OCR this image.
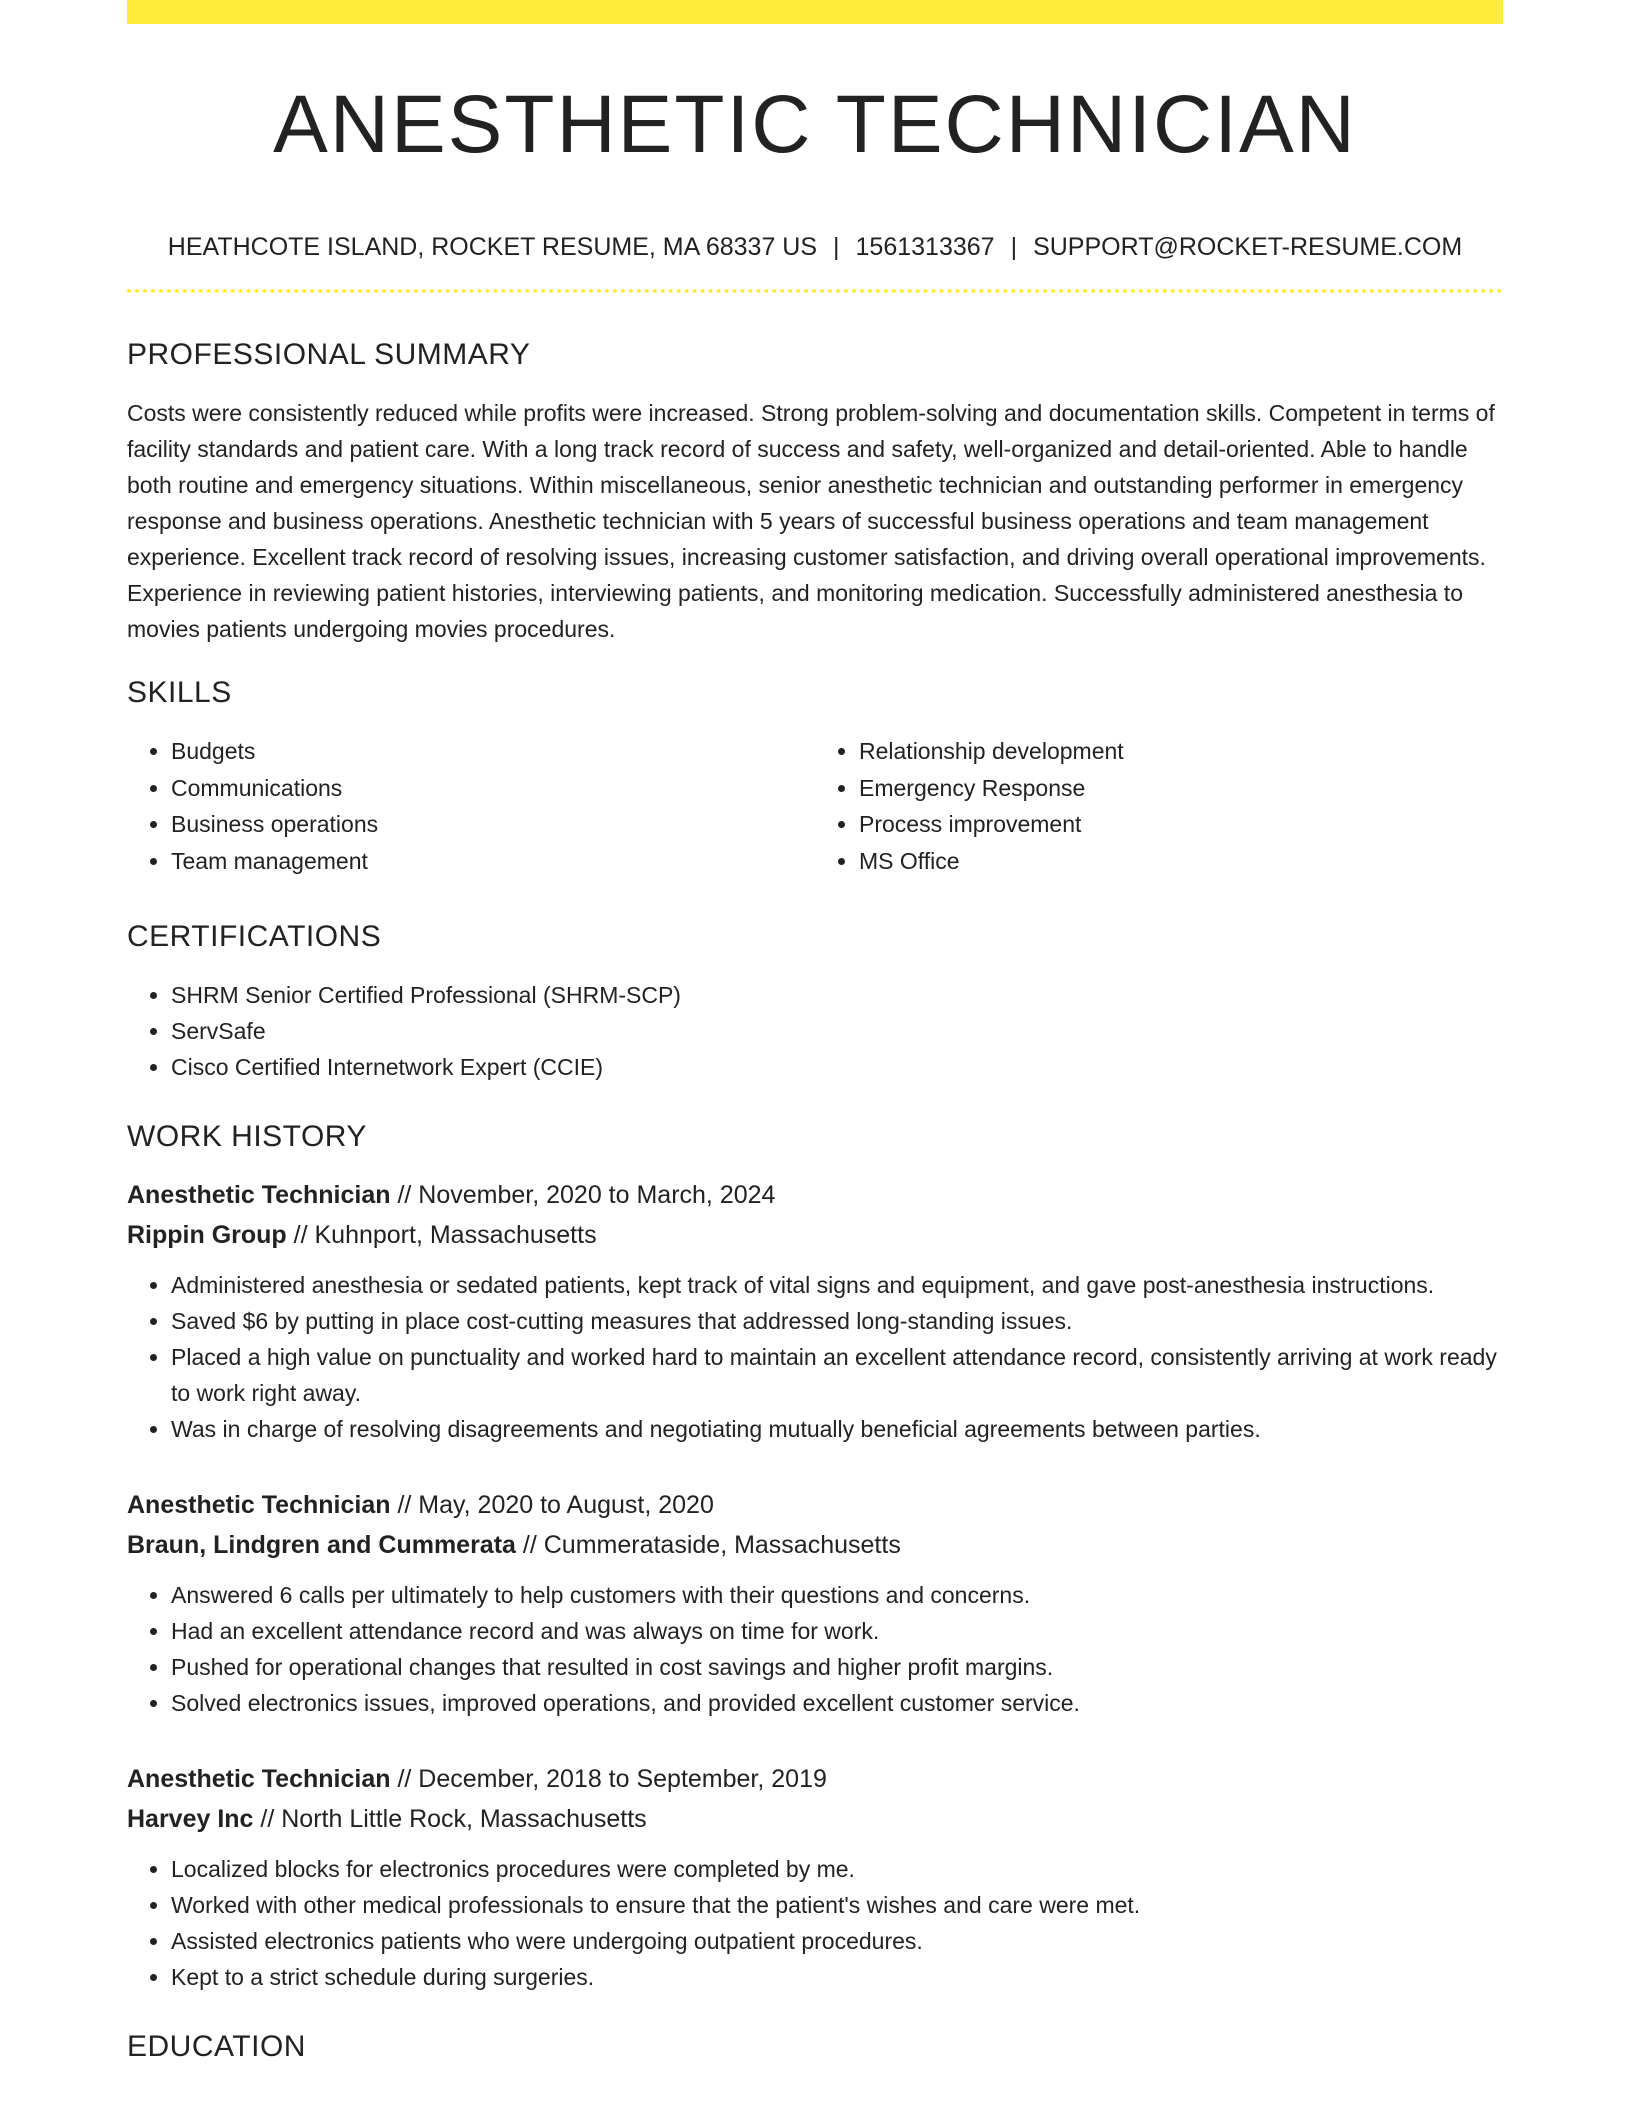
ANESTHETIC TECHNICIAN
HEATHCOTE ISLAND, ROCKET RESUME, MA 68337 US | 1561313367 | SUPPORT@ROCKET-RESUME.COM
PROFESSIONAL SUMMARY

Costs were consistently reduced while profits were increased. Strong problem-solving and documentation skills. Competent in terms of facility standards and patient care. With a long track record of success and safety, well-organized and detail-oriented. Able to handle both routine and emergency situations. Within miscellaneous, senior anesthetic technician and outstanding performer in emergency response and business operations. Anesthetic technician with 5 years of successful business operations and team management experience. Excellent track record of resolving issues, increasing customer satisfaction, and driving overall operational improvements. Experience in reviewing patient histories, interviewing patients, and monitoring medication. Successfully administered anesthesia to movies patients undergoing movies procedures.

SKILLS
• Budgets
• Communications
• Business operations
• Team management
• Relationship development
• Emergency Response
• Process improvement
• MS Office
CERTIFICATIONS
• SHRM Senior Certified Professional (SHRM-SCP)
• ServSafe
• Cisco Certified Internetwork Expert (CCIE)
WORK HISTORY
Anesthetic Technician // November, 2020 to March, 2024
Rippin Group // Kuhnport, Massachusetts
• Administered anesthesia or sedated patients, kept track of vital signs and equipment, and gave post-anesthesia instructions.
• Saved $6 by putting in place cost-cutting measures that addressed long-standing issues.
• Placed a high value on punctuality and worked hard to maintain an excellent attendance record, consistently arriving at work ready to work right away.
• Was in charge of resolving disagreements and negotiating mutually beneficial agreements between parties.
Anesthetic Technician // May, 2020 to August, 2020
Braun, Lindgren and Cummerata // Cummerataside, Massachusetts
• Answered 6 calls per ultimately to help customers with their questions and concerns.
• Had an excellent attendance record and was always on time for work.
• Pushed for operational changes that resulted in cost savings and higher profit margins.
• Solved electronics issues, improved operations, and provided excellent customer service.
Anesthetic Technician // December, 2018 to September, 2019
Harvey Inc // North Little Rock, Massachusetts
• Localized blocks for electronics procedures were completed by me.
• Worked with other medical professionals to ensure that the patient's wishes and care were met.
• Assisted electronics patients who were undergoing outpatient procedures.
• Kept to a strict schedule during surgeries.
EDUCATION
